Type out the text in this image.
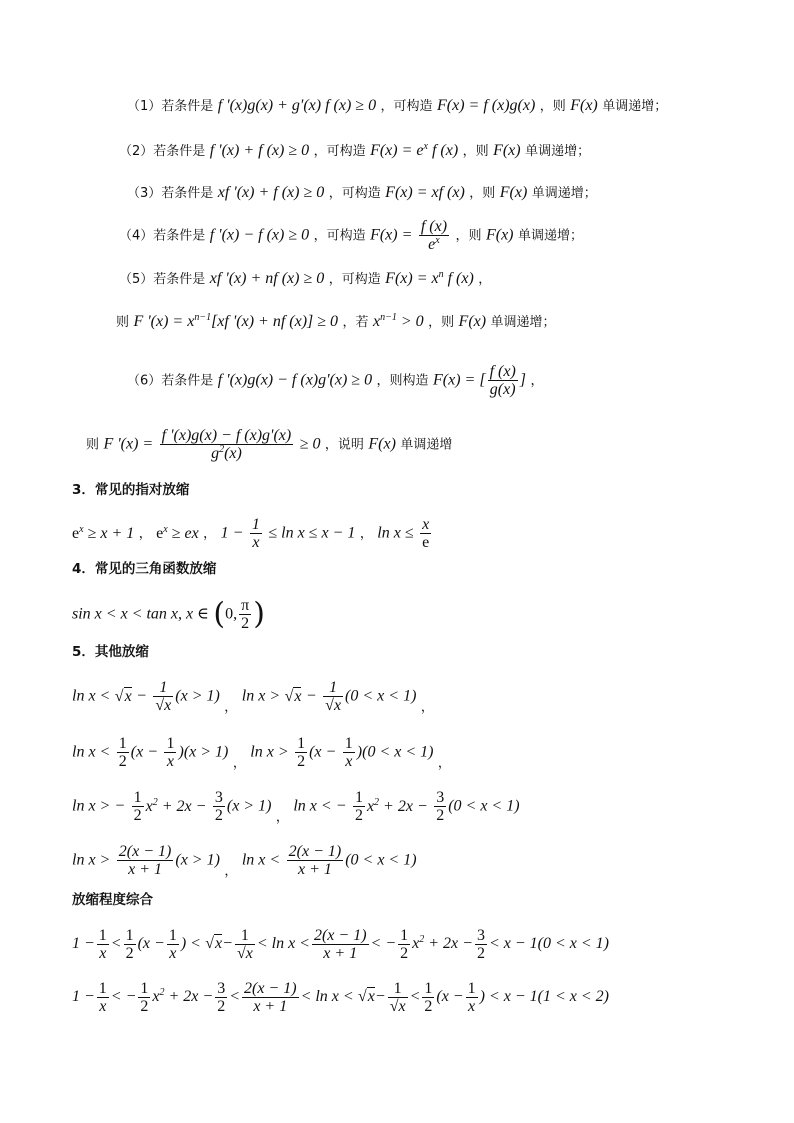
（1）若条件是 f '(x)g(x) + g'(x) f (x) ≥ 0 ，可构造 F(x) = f (x)g(x) ，则 F(x) 单调递增；
（2）若条件是 f '(x) + f (x) ≥ 0 ，可构造 $F(x) = e^x$ f (x) ，则 F(x) 单调递增；
（3）若条件是 xf '(x) + f (x) ≥ 0 ，可构造 F(x) = xf (x) ，则 F(x) 单调递增；
（4）若条件是 f '(x) − f (x) ≥ 0 ，可构造 $F(x) = \frac{f (x)}{e^x}$ ，则 F(x) 单调递增；
（5）若条件是 xf '(x) + nf (x) ≥ 0 ，可构造 $F(x) = x^n$ f (x) ，
则 F '$(x) = x^{n-1}[xf$ '(x) + nf (x)] ≥ 0 ，若 $x^{n-1} > 0$ ，则 F(x) 单调递增；
（6）若条件是 f '(x)g(x) − f (x)g'(x) ≥ 0 ，则构造 F(x) = [ $\frac{f (x)}{g(x)}$ ] ，
则 F '$(x) = \frac{f '(x)g(x) - f (x)g'(x)}{g^2(x)} \ge 0$ ，说明 F(x) 单调递增
3．常见的指对放缩
$e^x \ge x + 1$ ， $e^x$ ≥ ex ， $1 - \frac{1}{x} \le \ln x \le x - 1$ ， $\ln x \le \frac{x}{e}$
4．常见的三角函数放缩
sin x < x < tan x, x ∈ (0, $\frac{\pi}{2}$ )
5．其他放缩
$\ln x < √x - \frac{1}{√x} (x > 1)$ ， $\ln x > √x - \frac{1}{√x} (0 < x < 1)$ ，
$\ln x < \frac{1}{2} (x - \frac{1}{x} )(x > 1)$ ， $\ln x > \frac{1}{2} (x - \frac{1}{x} )(0 < x < 1)$ ，
ln x > − $\frac{1}{2} x^2 + 2x - \frac{3}{2} (x > 1)$ ， ln x < − $\frac{1}{2} x^2 + 2x - \frac{3}{2} (0 < x < 1)$
$\ln x > \frac{2(x - 1)}{x + 1} (x > 1)$ ， $\ln x < \frac{2(x - 1)}{x + 1} (0 < x < 1)$
放缩程度综合
$1 - \frac{1}{x} < \frac{1}{2} (x - \frac{1}{x}$ ) < $√x- \frac{1}{√x} < \ln x < \frac{2(x - 1)}{x + 1}$ < − $\frac{1}{2} x^2 + 2x - \frac{3}{2} < x - 1(0 < x < 1)$
$1 - \frac{1}{x}$ < − $\frac{1}{2} x^2 + 2x - \frac{3}{2} < \frac{2(x - 1)}{x + 1} < \ln x < √x- \frac{1}{√x} < \frac{1}{2} (x - \frac{1}{x}$ ) < x − 1(1 < x < 2)
